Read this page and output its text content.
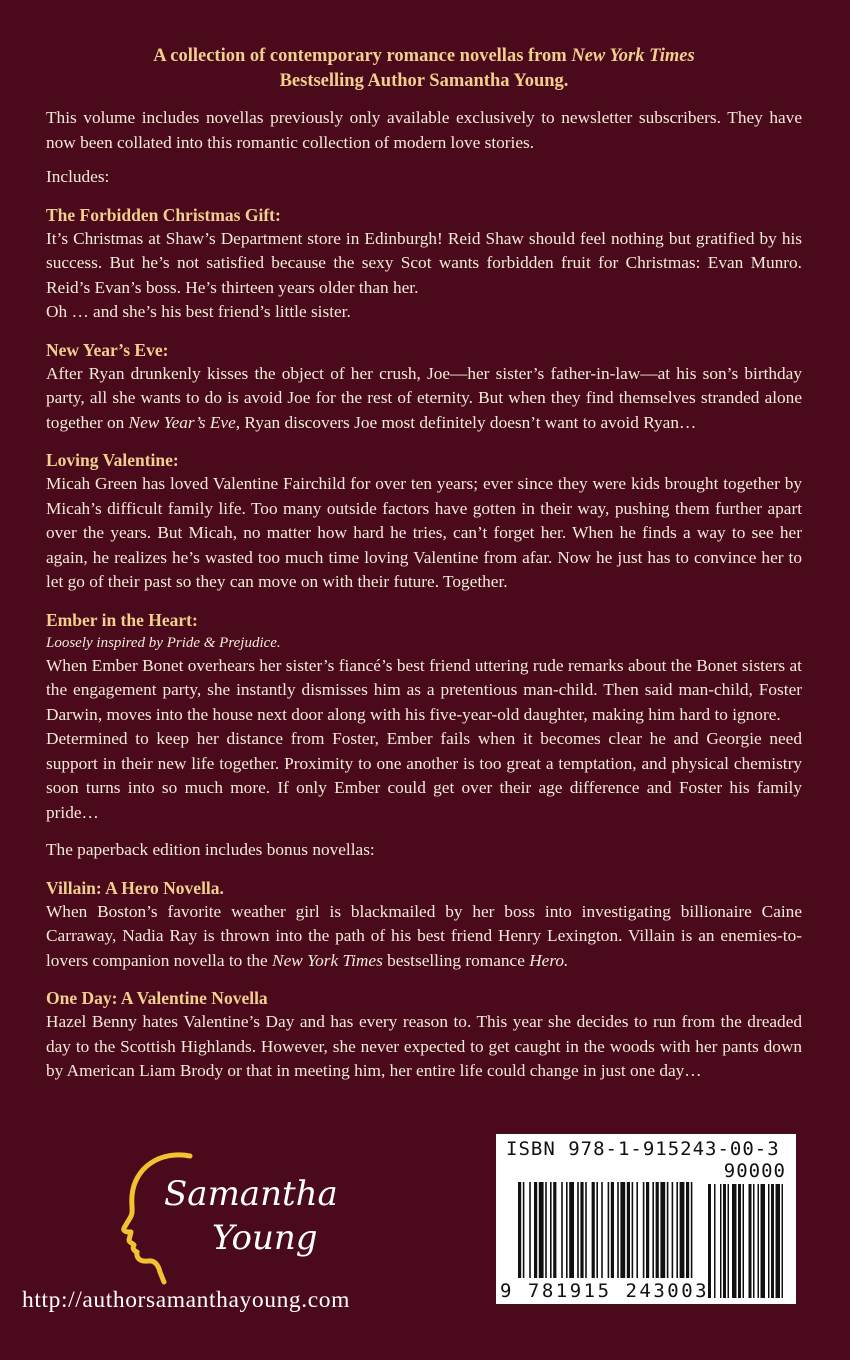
A collection of contemporary romance novellas from New York Times
Bestselling Author Samantha Young.

This volume includes novellas previously only available exclusively to newsletter subscribers. They have now been collated into this romantic collection of modern love stories.

Includes:

The Forbidden Christmas Gift:

It’s Christmas at Shaw’s Department store in Edinburgh! Reid Shaw should feel nothing but gratified by his success. But he’s not satisfied because the sexy Scot wants forbidden fruit for Christmas: Evan Munro. Reid’s Evan’s boss. He’s thirteen years older than her.

Oh … and she’s his best friend’s little sister.

New Year’s Eve:

After Ryan drunkenly kisses the object of her crush, Joe—her sister’s father-in-law—at his son’s birthday party, all she wants to do is avoid Joe for the rest of eternity. But when they find themselves stranded alone together on New Year’s Eve, Ryan discovers Joe most definitely doesn’t want to avoid Ryan…

Loving Valentine:

Micah Green has loved Valentine Fairchild for over ten years; ever since they were kids brought together by Micah’s difficult family life. Too many outside factors have gotten in their way, pushing them further apart over the years. But Micah, no matter how hard he tries, can’t forget her. When he finds a way to see her again, he realizes he’s wasted too much time loving Valentine from afar. Now he just has to convince her to let go of their past so they can move on with their future. Together.

Ember in the Heart:
Loosely inspired by Pride & Prejudice.

When Ember Bonet overhears her sister’s fiancé’s best friend uttering rude remarks about the Bonet sisters at the engagement party, she instantly dismisses him as a pretentious man-child. Then said man-child, Foster Darwin, moves into the house next door along with his five-year-old daughter, making him hard to ignore.

Determined to keep her distance from Foster, Ember fails when it becomes clear he and Georgie need support in their new life together. Proximity to one another is too great a temptation, and physical chemistry soon turns into so much more. If only Ember could get over their age difference and Foster his family pride…

The paperback edition includes bonus novellas:

Villain: A Hero Novella.

When Boston’s favorite weather girl is blackmailed by her boss into investigating billionaire Caine Carraway, Nadia Ray is thrown into the path of his best friend Henry Lexington. Villain is an enemies-to-lovers companion novella to the New York Times bestselling romance Hero.

One Day: A Valentine Novella

Hazel Benny hates Valentine’s Day and has every reason to. This year she decides to run from the dreaded day to the Scottish Highlands. However, she never expected to get caught in the woods with her pants down by American Liam Brody or that in meeting him, her entire life could change in just one day…

Samantha
Young
http://authorsamanthayoung.com
ISBN 978-1-915243-00-3
90000
9 781915 243003
